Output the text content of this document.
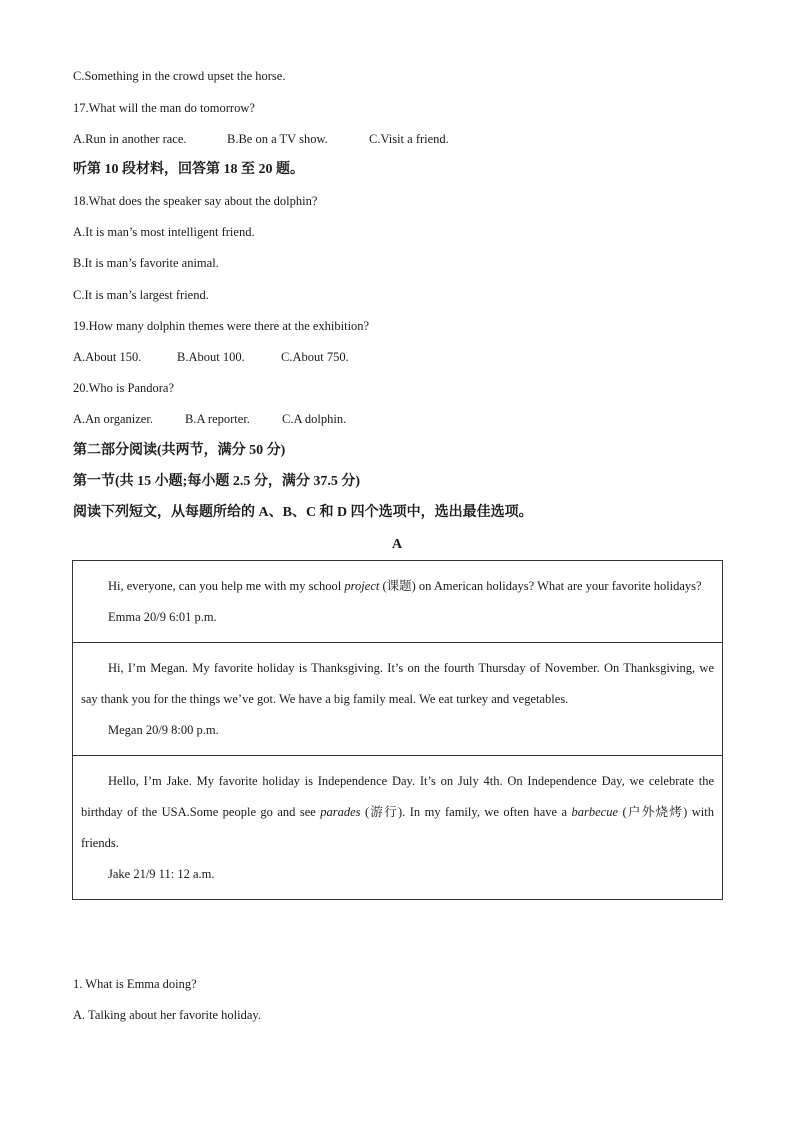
C.Something in the crowd upset the horse.
17.What will the man do tomorrow?
A.Run in another race.	B.Be on a TV show.	C.Visit a friend.
听第 10 段材料，回答第 18 至 20 题。
18.What does the speaker say about the dolphin?
A.It is man’s most intelligent friend.
B.It is man’s favorite animal.
C.It is man’s largest friend.
19.How many dolphin themes were there at the exhibition?
A.About 150.	B.About 100.	C.About 750.
20.Who is Pandora?
A.An organizer.	B.A reporter.	C.A dolphin.
第二部分阅读(共两节，满分 50 分)
第一节(共 15 小题;每小题 2.5 分，满分 37.5 分)
阅读下列短文，从每题所给的 A、B、C 和 D 四个选项中，选出最佳选项。
A

Hi, everyone, can you help me with my school project (课题) on American holidays? What are your favorite holidays?

Emma 20/9 6:01 p.m.

Hi, I’m Megan. My favorite holiday is Thanksgiving. It’s on the fourth Thursday of November. On Thanksgiving, we say thank you for the things we’ve got. We have a big family meal. We eat turkey and vegetables.

Megan 20/9 8:00 p.m.

Hello, I’m Jake. My favorite holiday is Independence Day. It’s on July 4th. On Independence Day, we celebrate the birthday of the USA.Some people go and see parades (游行). In my family, we often have a barbecue (户外烧烤) with friends.

Jake 21/9 11: 12 a.m.

1. What is Emma doing?
A. Talking about her favorite holiday.
